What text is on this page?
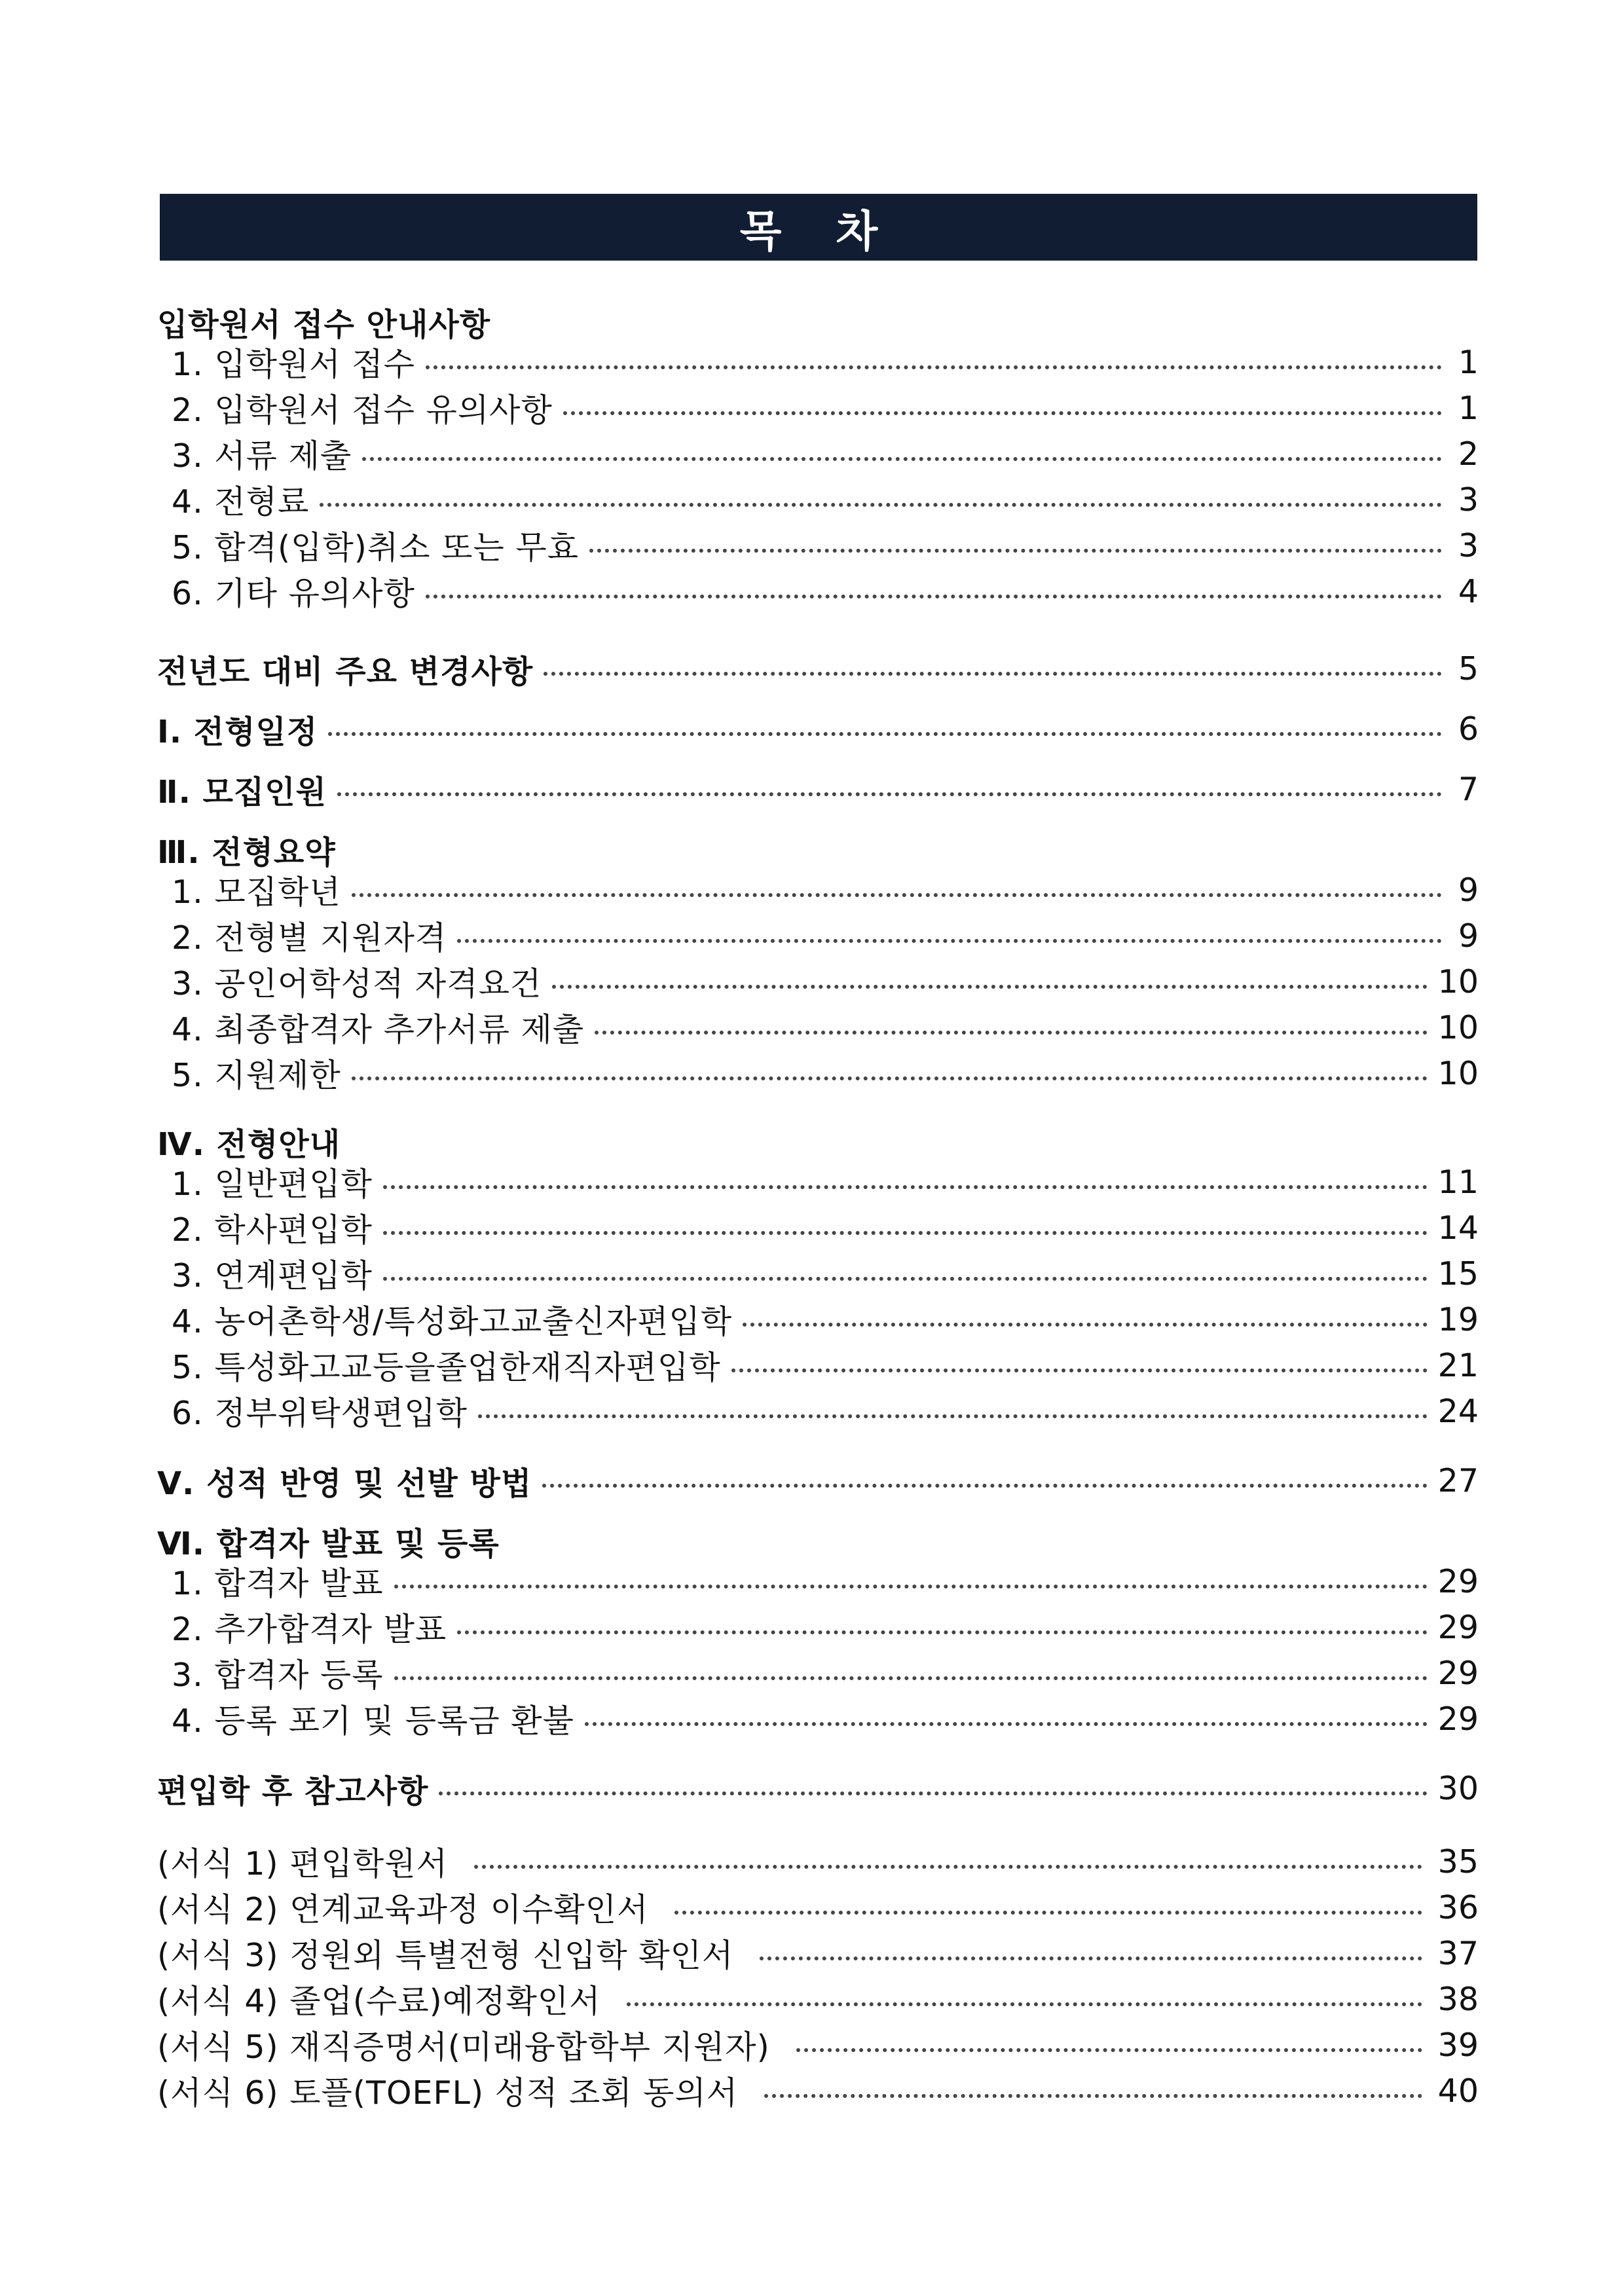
목 차
입학원서 접수 안내사항
1. 입학원서 접수	1
2. 입학원서 접수 유의사항	1
3. 서류 제출	2
4. 전형료	3
5. 합격(입학)취소 또는 무효	3
6. 기타 유의사항	4
전년도 대비 주요 변경사항	5
Ⅰ. 전형일정	6
Ⅱ. 모집인원	7
Ⅲ. 전형요약
1. 모집학년	9
2. 전형별 지원자격	9
3. 공인어학성적 자격요건	10
4. 최종합격자 추가서류 제출	10
5. 지원제한	10
Ⅳ. 전형안내
1. 일반편입학	11
2. 학사편입학	14
3. 연계편입학	15
4. 농어촌학생/특성화고교출신자편입학	19
5. 특성화고교등을졸업한재직자편입학	21
6. 정부위탁생편입학	24
Ⅴ. 성적 반영 및 선발 방법	27
Ⅵ. 합격자 발표 및 등록
1. 합격자 발표	29
2. 추가합격자 발표	29
3. 합격자 등록	29
4. 등록 포기 및 등록금 환불	29
편입학 후 참고사항	30
(서식 1) 편입학원서	35
(서식 2) 연계교육과정 이수확인서	36
(서식 3) 정원외 특별전형 신입학 확인서	37
(서식 4) 졸업(수료)예정확인서	38
(서식 5) 재직증명서(미래융합학부 지원자)	39
(서식 6) 토플(TOEFL) 성적 조회 동의서	40
